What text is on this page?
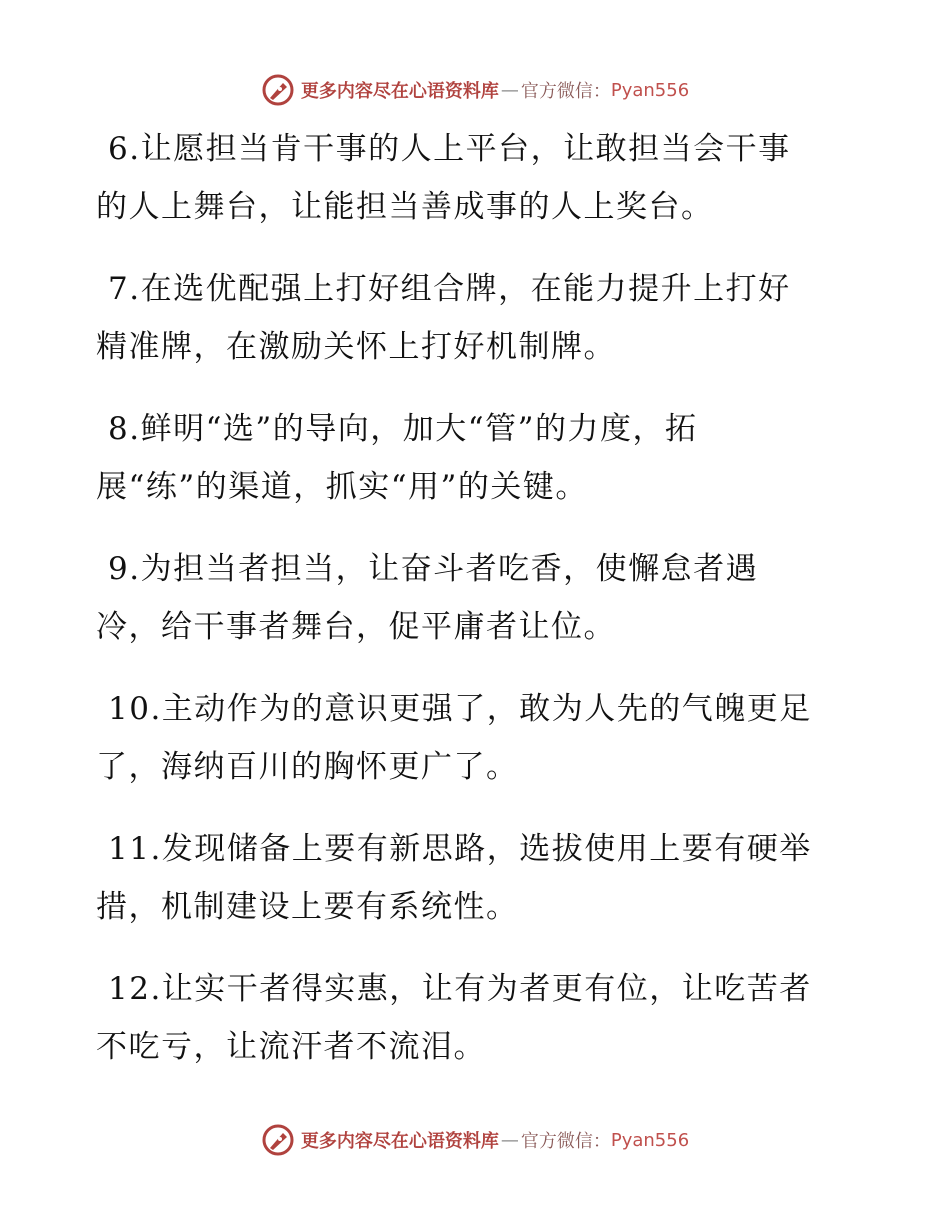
更多内容尽在心语资料库 — 官方微信： Pyan556

6.让愿担当肯干事的人上平台，让敢担当会干事
的人上舞台，让能担当善成事的人上奖台。

7.在选优配强上打好组合牌，在能力提升上打好
精准牌，在激励关怀上打好机制牌。

8.鲜明“选”的导向，加大“管”的力度，拓
展“练”的渠道，抓实“用”的关键。

9.为担当者担当，让奋斗者吃香，使懈怠者遇
冷，给干事者舞台，促平庸者让位。

10.主动作为的意识更强了，敢为人先的气魄更足
了，海纳百川的胸怀更广了。

11.发现储备上要有新思路，选拔使用上要有硬举
措，机制建设上要有系统性。

12.让实干者得实惠，让有为者更有位，让吃苦者
不吃亏，让流汗者不流泪。

更多内容尽在心语资料库 — 官方微信： Pyan556
